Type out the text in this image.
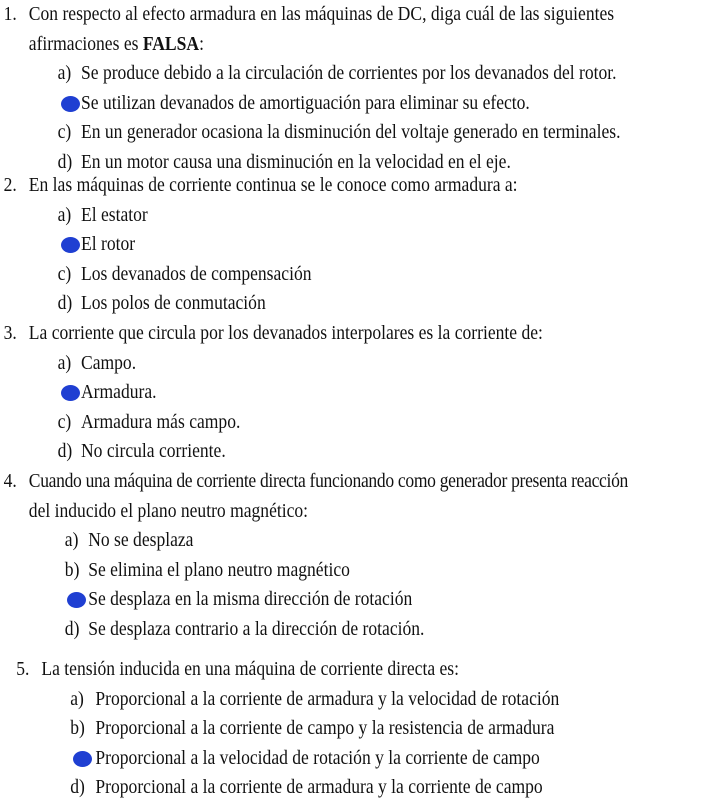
1. Con respecto al efecto armadura en las máquinas de DC, diga cuál de las siguientes
afirmaciones es FALSA:
a) Se produce debido a la circulación de corrientes por los devanados del rotor.
Se utilizan devanados de amortiguación para eliminar su efecto.
c) En un generador ocasiona la disminución del voltaje generado en terminales.
d) En un motor causa una disminución en la velocidad en el eje.
2. En las máquinas de corriente continua se le conoce como armadura a:
a) El estator
El rotor
c) Los devanados de compensación
d) Los polos de conmutación
3. La corriente que circula por los devanados interpolares es la corriente de:
a) Campo.
Armadura.
c) Armadura más campo.
d) No circula corriente.
4. Cuando una máquina de corriente directa funcionando como generador presenta reacción
del inducido el plano neutro magnético:
a) No se desplaza
b) Se elimina el plano neutro magnético
Se desplaza en la misma dirección de rotación
d) Se desplaza contrario a la dirección de rotación.
5. La tensión inducida en una máquina de corriente directa es:
a) Proporcional a la corriente de armadura y la velocidad de rotación
b) Proporcional a la corriente de campo y la resistencia de armadura
Proporcional a la velocidad de rotación y la corriente de campo
d) Proporcional a la corriente de armadura y la corriente de campo
